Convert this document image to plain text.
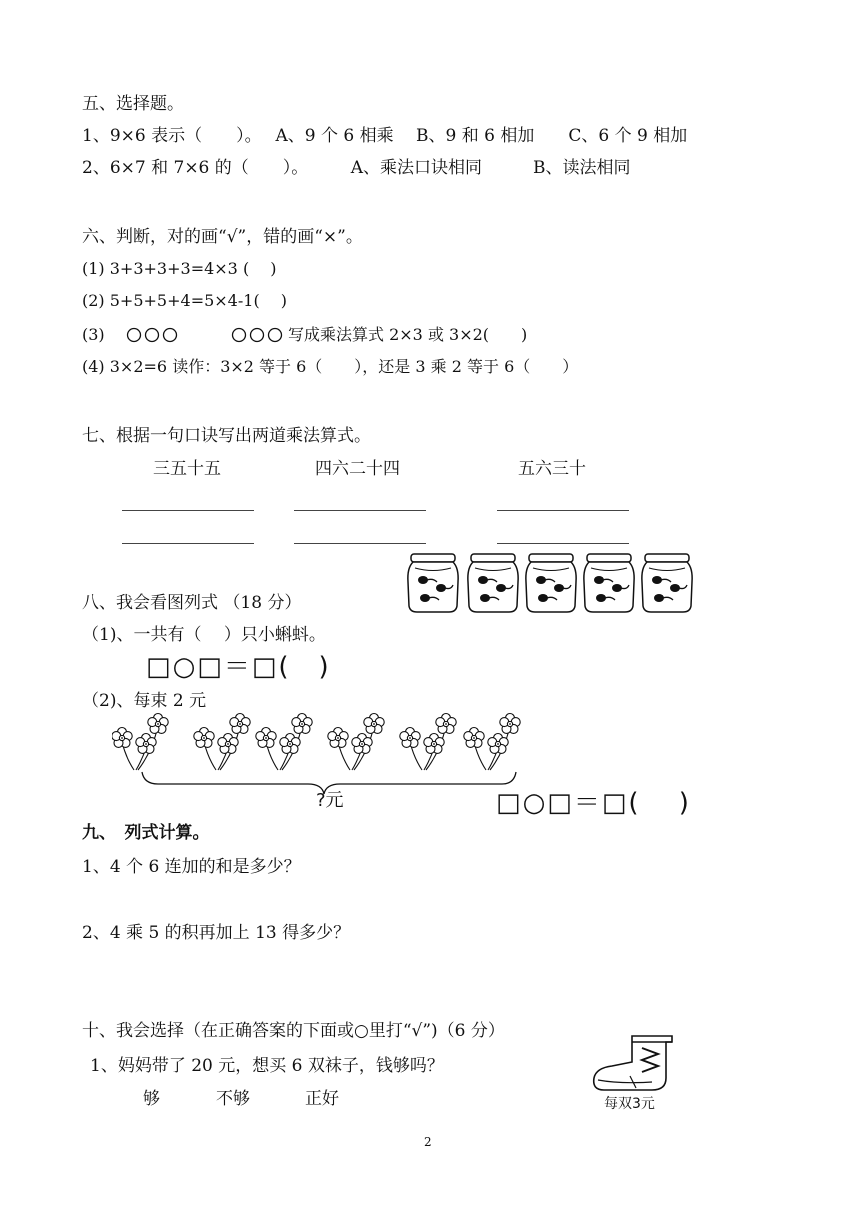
五、选择题。
1、9×6 表示（　　）。　 A、9 个 6 相乘　 B、9 和 6 相加　　C、6 个 9 相加
2、6×7 和 7×6 的（　　）。　　　A、乘法口诀相同　　　B、读法相同
六、判断，对的画“√”，错的画“×”。
(1) 3+3+3+3=4×3 (　 )
(2) 5+5+5+4=5×4-1(　 )
(3)	写成乘法算式 2×3 或 3×2(　　)
(4) 3×2=6 读作：3×2 等于 6（　　），还是 3 乘 2 等于 6（　　）
七、根据一句口诀写出两道乘法算式。
三五十五	四六二十四	五六三十
八、我会看图列式 （18 分）
（1)、一共有（　 ）只小蝌蚪。
□○□＝□(　)
（2)、每束 2 元
?元	□○□＝□(　 )
九、　列式计算。
1、4 个 6 连加的和是多少？
2、4 乘 5 的积再加上 13 得多少？
十、我会选择（在正确答案的下面或○里打“√”)（6 分）
1、妈妈带了 20 元，想买 6 双袜子，钱够吗？
够	不够	正好	每双3元
2
